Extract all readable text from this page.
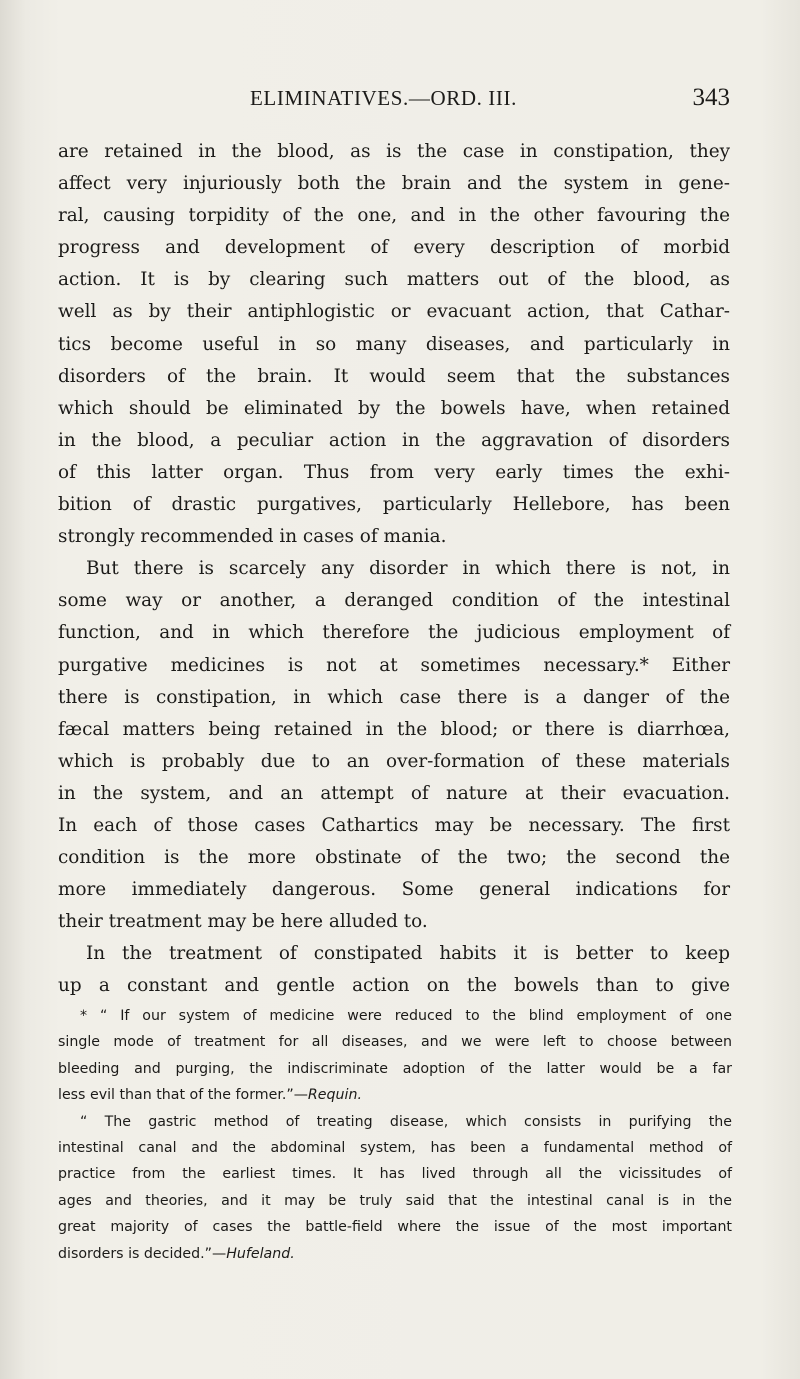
ELIMINATIVES.—ORD. III.	343
are retained in the blood, as is the case in constipation, they
affect very injuriously both the brain and the system in gene-
ral, causing torpidity of the one, and in the other favouring the
progress and development of every description of morbid
action. It is by clearing such matters out of the blood, as
well as by their antiphlogistic or evacuant action, that Cathar-
tics become useful in so many diseases, and particularly in
disorders of the brain. It would seem that the substances
which should be eliminated by the bowels have, when retained
in the blood, a peculiar action in the aggravation of disorders
of this latter organ. Thus from very early times the exhi-
bition of drastic purgatives, particularly Hellebore, has been
strongly recommended in cases of mania.
But there is scarcely any disorder in which there is not, in
some way or another, a deranged condition of the intestinal
function, and in which therefore the judicious employment of
purgative medicines is not at sometimes necessary.* Either
there is constipation, in which case there is a danger of the
fæcal matters being retained in the blood; or there is diarrhœa,
which is probably due to an over-formation of these materials
in the system, and an attempt of nature at their evacuation.
In each of those cases Cathartics may be necessary. The first
condition is the more obstinate of the two; the second the
more immediately dangerous. Some general indications for
their treatment may be here alluded to.
In the treatment of constipated habits it is better to keep
up a constant and gentle action on the bowels than to give
* “ If our system of medicine were reduced to the blind employment of one
single mode of treatment for all diseases, and we were left to choose between
bleeding and purging, the indiscriminate adoption of the latter would be a far
less evil than that of the former.”—Requin.
“ The gastric method of treating disease, which consists in purifying the
intestinal canal and the abdominal system, has been a fundamental method of
practice from the earliest times. It has lived through all the vicissitudes of
ages and theories, and it may be truly said that the intestinal canal is in the
great majority of cases the battle-field where the issue of the most important
disorders is decided.”—Hufeland.
